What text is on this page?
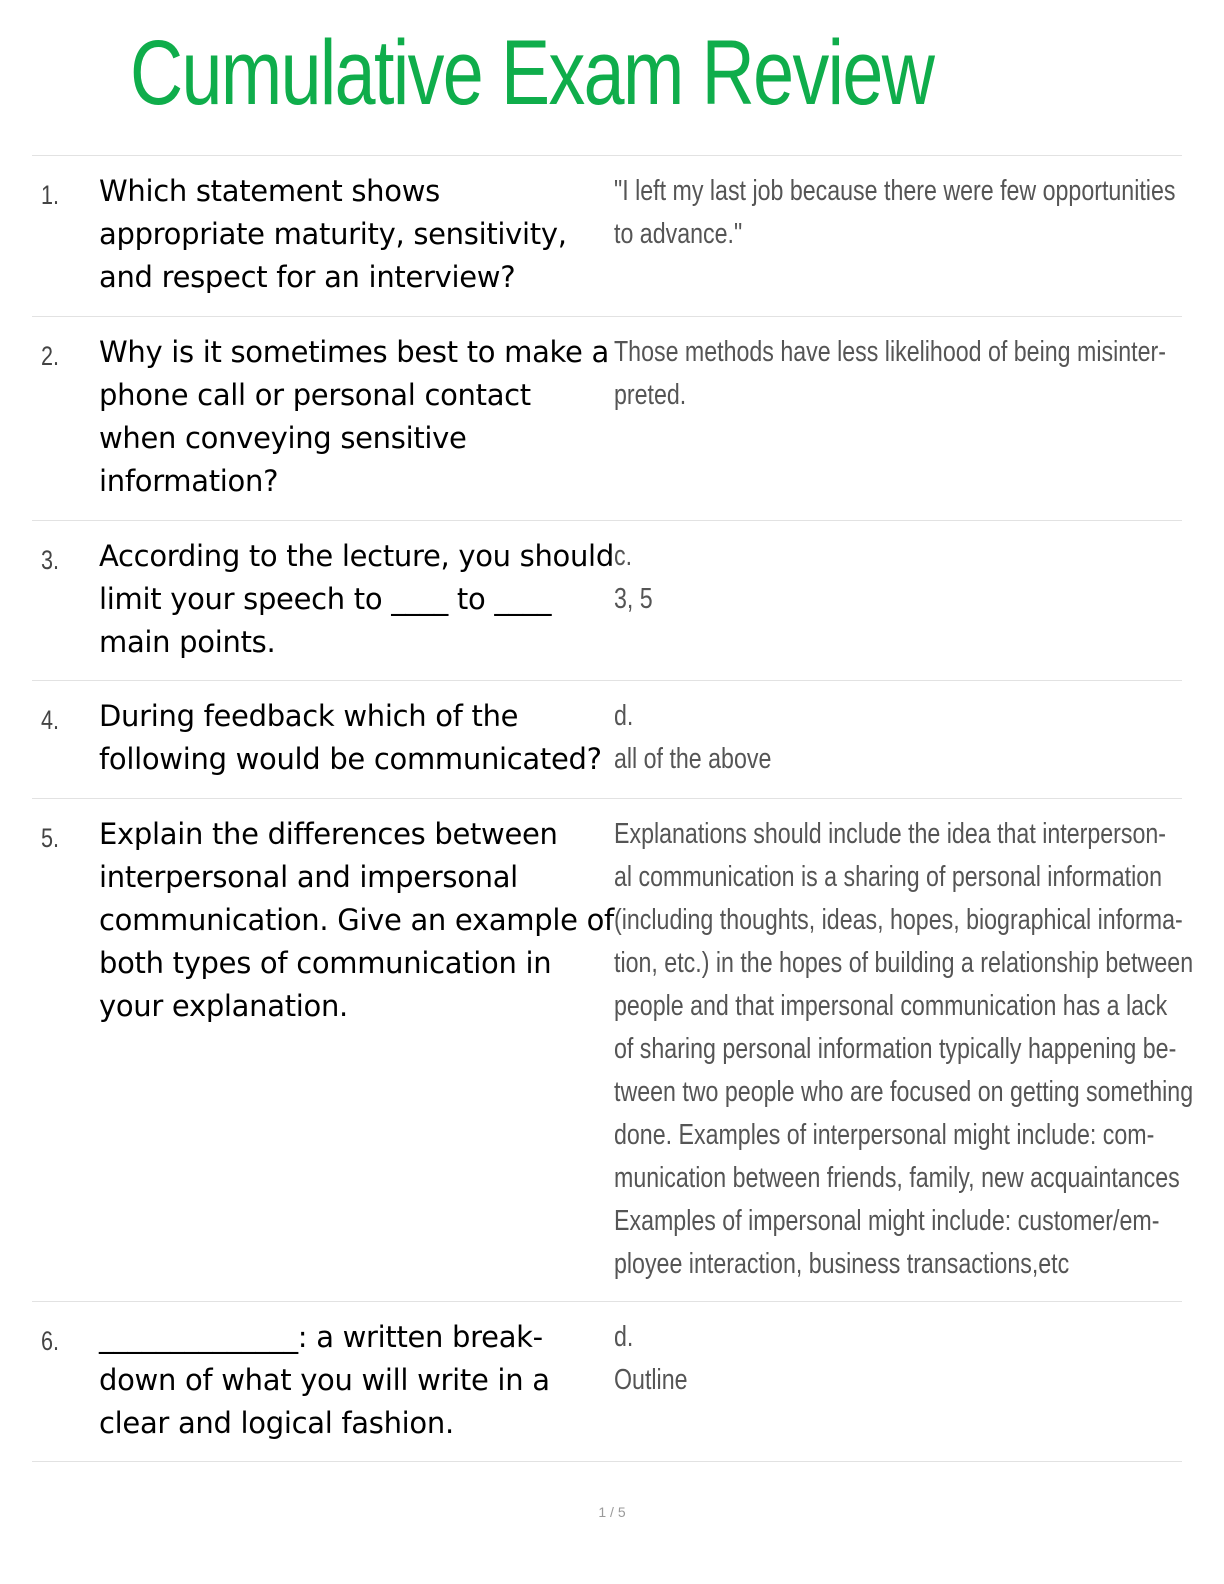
Cumulative Exam Review
1. Which statement shows appropriate maturity, sensitivity, and respect for an interview?
"I left my last job because there were few opportunities
to advance."
2. Why is it sometimes best to make a phone call or personal contact when conveying sensitive information?
Those methods have less likelihood of being misinter-
preted.
3. According to the lecture, you should limit your speech to ____ to ____ main points.
c.
3, 5
4. During feedback which of the following would be communicated?
d.
all of the above
5. Explain the differences between interpersonal and impersonal communication. Give an example of both types of communication in your explanation.
Explanations should include the idea that interperson-
al communication is a sharing of personal information
(including thoughts, ideas, hopes, biographical informa-
tion, etc.) in the hopes of building a relationship between
people and that impersonal communication has a lack
of sharing personal information typically happening be-
tween two people who are focused on getting something
done. Examples of interpersonal might include: com-
munication between friends, family, new acquaintances
Examples of impersonal might include: customer/em-
ployee interaction, business transactions,etc
6. ______________: a written break-down of what you will write in a clear and logical fashion.
d.
Outline
1 / 5
